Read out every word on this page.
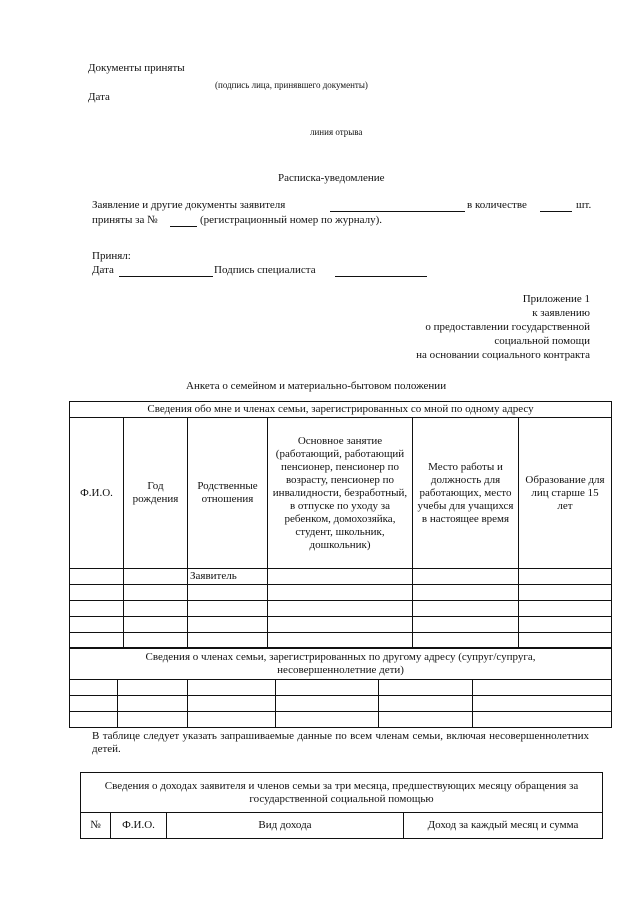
Документы приняты
(подпись лица, принявшего документы)
Дата
линия отрыва
Расписка-уведомление
Заявление и другие документы заявителя	в количестве	шт.
приняты за №	(регистрационный номер по журналу).
Принял:
Дата	Подпись специалиста
Приложение 1
к заявлению
о предоставлении государственной
социальной помощи
на основании социального контракта
Анкета о семейном и материально-бытовом положении
Сведения обо мне и членах семьи, зарегистрированных со мной по одному адресу					
Ф.И.О.	Год рождения	Родственные отношения	Основное занятие (работающий, работающий пенсионер, пенсионер по возрасту, пенсионер по инвалидности, безработный, в отпуске по уходу за ребенком, домохозяйка, студент, школьник, дошкольник)	Место работы и должность для работающих, место учебы для учащихся в настоящее время	Образование для лиц старше 15 лет
		Заявитель			

Сведения о членах семьи, зарегистрированных по другому адресу (супруг/супруга, несовершеннолетние дети)					

В таблице следует указать запрашиваемые данные по всем членам семьи, включая несовершеннолетних детей.
Сведения о доходах заявителя и членов семьи за три месяца, предшествующих месяцу обращения за государственной социальной помощью
№	Ф.И.О.	Вид дохода	Доход за каждый месяц и сумма
